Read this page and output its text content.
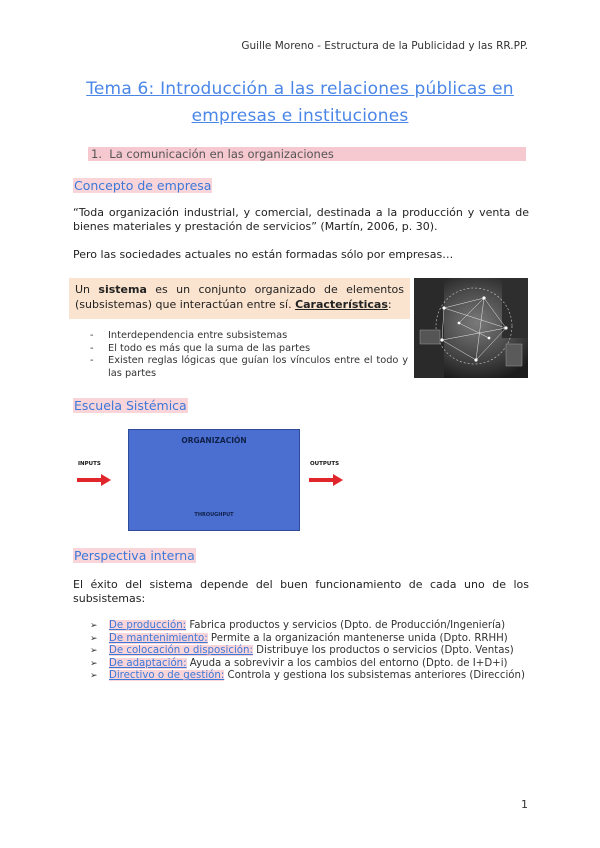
Guille Moreno - Estructura de la Publicidad y las RR.PP.
Tema 6: Introducción a las relaciones públicas en
empresas e instituciones
1. La comunicación en las organizaciones
Concepto de empresa
“Toda organización industrial, y comercial, destinada a la producción y venta de bienes materiales y prestación de servicios” (Martín, 2006, p. 30).
Pero las sociedades actuales no están formadas sólo por empresas…
Un sistema es un conjunto organizado de elementos (subsistemas) que interactúan entre sí. Características:
- Interdependencia entre subsistemas
- El todo es más que la suma de las partes
- Existen reglas lógicas que guían los vínculos entre el todo y las partes
Escuela Sistémica
INPUTS
ORGANIZACIÓN
THROUGHPUT
OUTPUTS
Perspectiva interna
El éxito del sistema depende del buen funcionamiento de cada uno de los subsistemas:
➢ De producción: Fabrica productos y servicios (Dpto. de Producción/Ingeniería)
➢ De mantenimiento: Permite a la organización mantenerse unida (Dpto. RRHH)
➢ De colocación o disposición: Distribuye los productos o servicios (Dpto. Ventas)
➢ De adaptación: Ayuda a sobrevivir a los cambios del entorno (Dpto. de I+D+i)
➢ Directivo o de gestión: Controla y gestiona los subsistemas anteriores (Dirección)
1
